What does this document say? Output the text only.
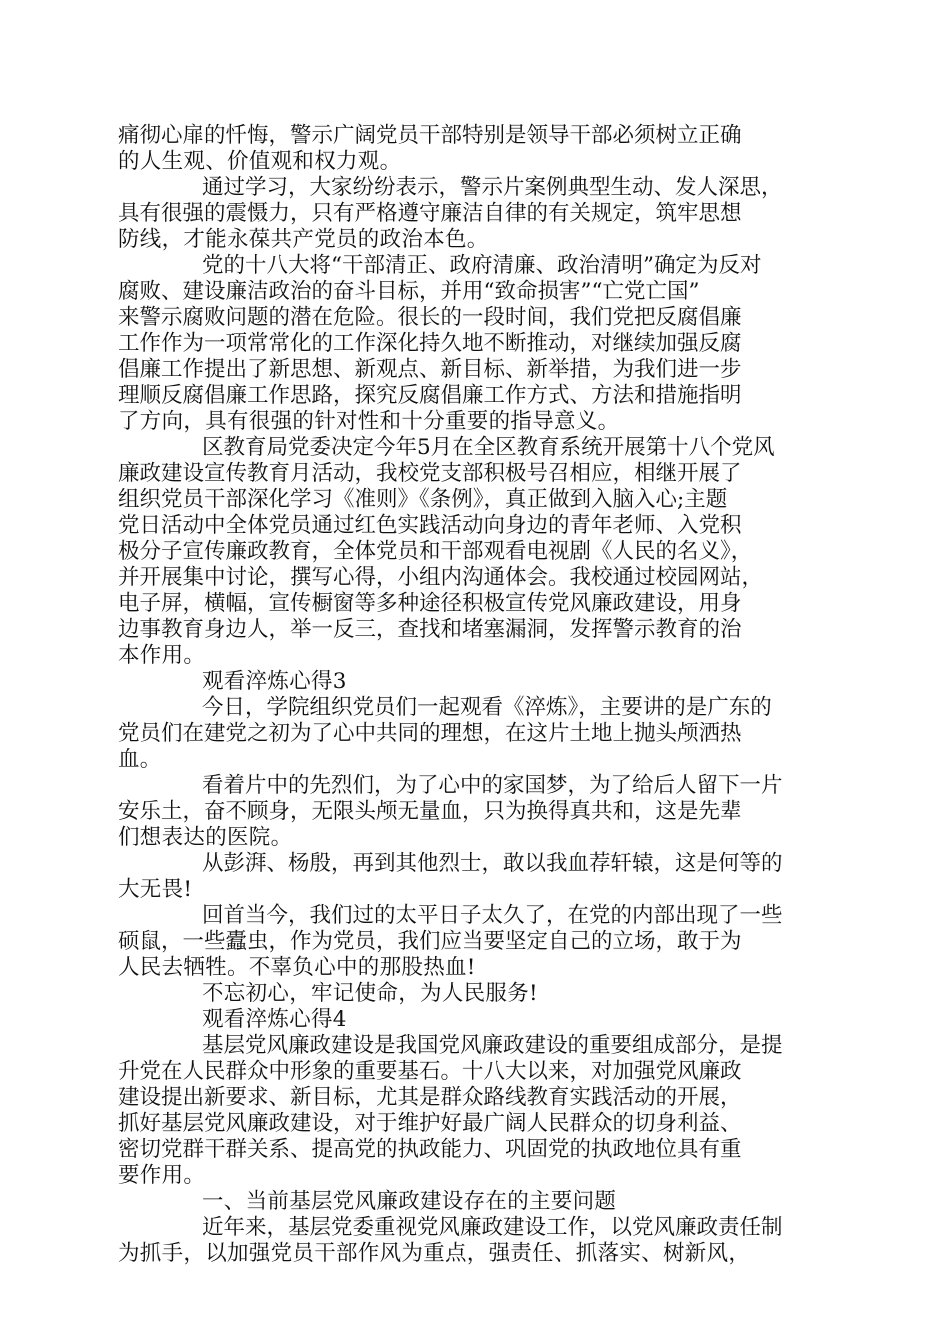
痛彻心扉的忏悔，警示广阔党员干部特别是领导干部必须树立正确
的人生观、价值观和权力观。
通过学习，大家纷纷表示，警示片案例典型生动、发人深思，
具有很强的震慑力，只有严格遵守廉洁自律的有关规定，筑牢思想
防线，才能永葆共产党员的政治本色。
党的十八大将“干部清正、政府清廉、政治清明”确定为反对
腐败、建设廉洁政治的奋斗目标，并用“致命损害”“亡党亡国”
来警示腐败问题的潜在危险。很长的一段时间，我们党把反腐倡廉
工作作为一项常常化的工作深化持久地不断推动，对继续加强反腐
倡廉工作提出了新思想、新观点、新目标、新举措，为我们进一步
理顺反腐倡廉工作思路，探究反腐倡廉工作方式、方法和措施指明
了方向，具有很强的针对性和十分重要的指导意义。
区教育局党委决定今年5月在全区教育系统开展第十八个党风
廉政建设宣传教育月活动，我校党支部积极号召相应，相继开展了
组织党员干部深化学习《准则》《条例》，真正做到入脑入心;主题
党日活动中全体党员通过红色实践活动向身边的青年老师、入党积
极分子宣传廉政教育，全体党员和干部观看电视剧《人民的名义》，
并开展集中讨论，撰写心得，小组内沟通体会。我校通过校园网站，
电子屏，横幅，宣传橱窗等多种途径积极宣传党风廉政建设，用身
边事教育身边人，举一反三，查找和堵塞漏洞，发挥警示教育的治
本作用。
观看淬炼心得3
今日，学院组织党员们一起观看《淬炼》，主要讲的是广东的
党员们在建党之初为了心中共同的理想，在这片土地上抛头颅洒热
血。
看着片中的先烈们，为了心中的家国梦，为了给后人留下一片
安乐土，奋不顾身，无限头颅无量血，只为换得真共和，这是先辈
们想表达的医院。
从彭湃、杨殷，再到其他烈士，敢以我血荐轩辕，这是何等的
大无畏!
回首当今，我们过的太平日子太久了，在党的内部出现了一些
硕鼠，一些蠹虫，作为党员，我们应当要坚定自己的立场，敢于为
人民去牺牲。不辜负心中的那股热血!
不忘初心，牢记使命，为人民服务!
观看淬炼心得4
基层党风廉政建设是我国党风廉政建设的重要组成部分，是提
升党在人民群众中形象的重要基石。十八大以来，对加强党风廉政
建设提出新要求、新目标，尤其是群众路线教育实践活动的开展，
抓好基层党风廉政建设，对于维护好最广阔人民群众的切身利益、
密切党群干群关系、提高党的执政能力、巩固党的执政地位具有重
要作用。
一、当前基层党风廉政建设存在的主要问题
近年来，基层党委重视党风廉政建设工作，以党风廉政责任制
为抓手，以加强党员干部作风为重点，强责任、抓落实、树新风，
